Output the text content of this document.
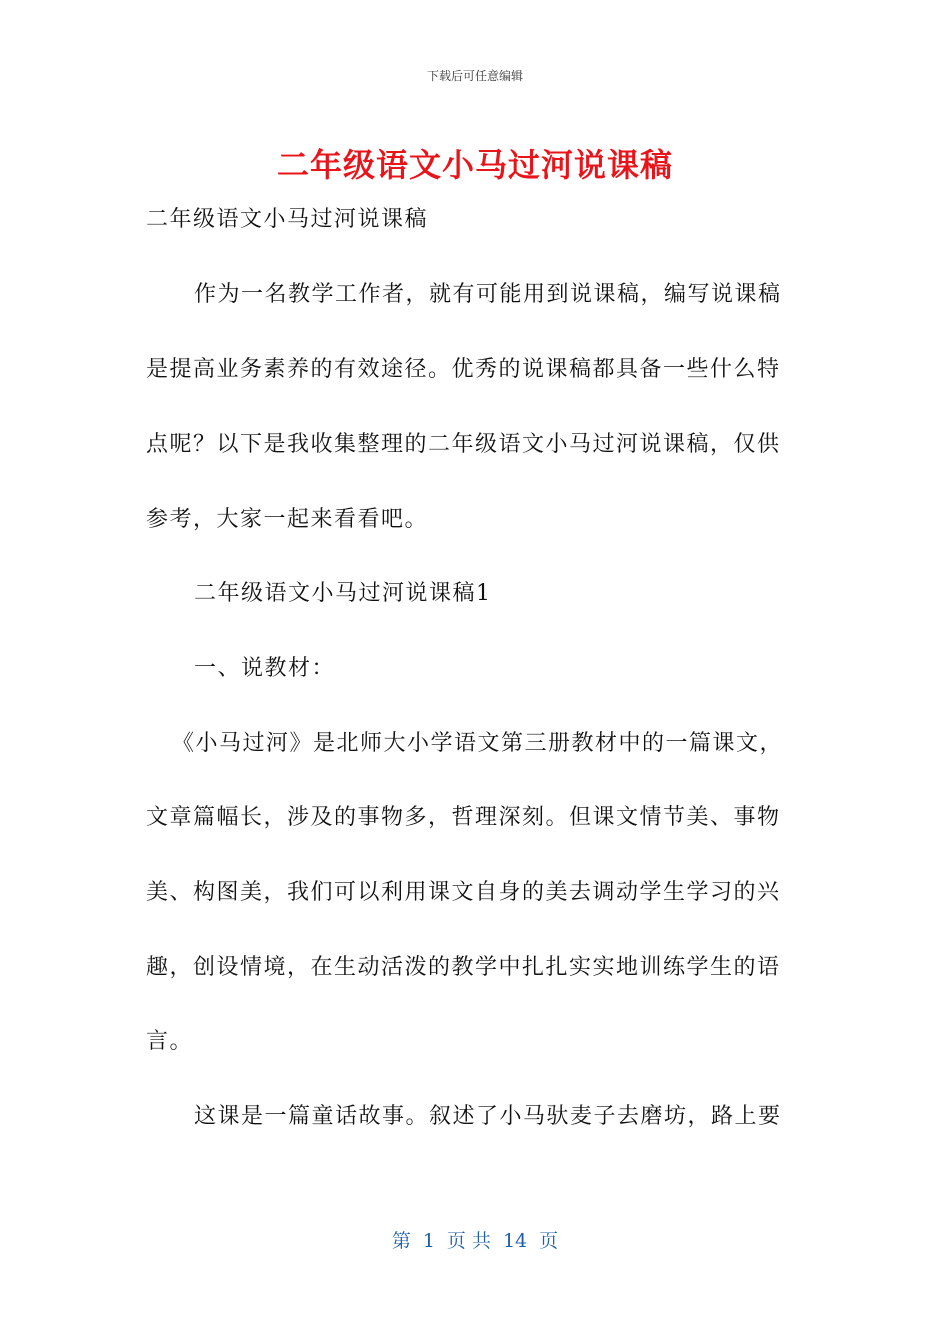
下载后可任意编辑
二年级语文小马过河说课稿
二年级语文小马过河说课稿
作为一名教学工作者，就有可能用到说课稿，编写说课稿
是提高业务素养的有效途径。优秀的说课稿都具备一些什么特
点呢？以下是我收集整理的二年级语文小马过河说课稿，仅供
参考，大家一起来看看吧。
二年级语文小马过河说课稿1
一、说教材：
《小马过河》是北师大小学语文第三册教材中的一篇课文，
文章篇幅长，涉及的事物多，哲理深刻。但课文情节美、事物
美、构图美，我们可以利用课文自身的美去调动学生学习的兴
趣，创设情境，在生动活泼的教学中扎扎实实地训练学生的语
言。
这课是一篇童话故事。叙述了小马驮麦子去磨坊，路上要
第 1 页 共 14 页
